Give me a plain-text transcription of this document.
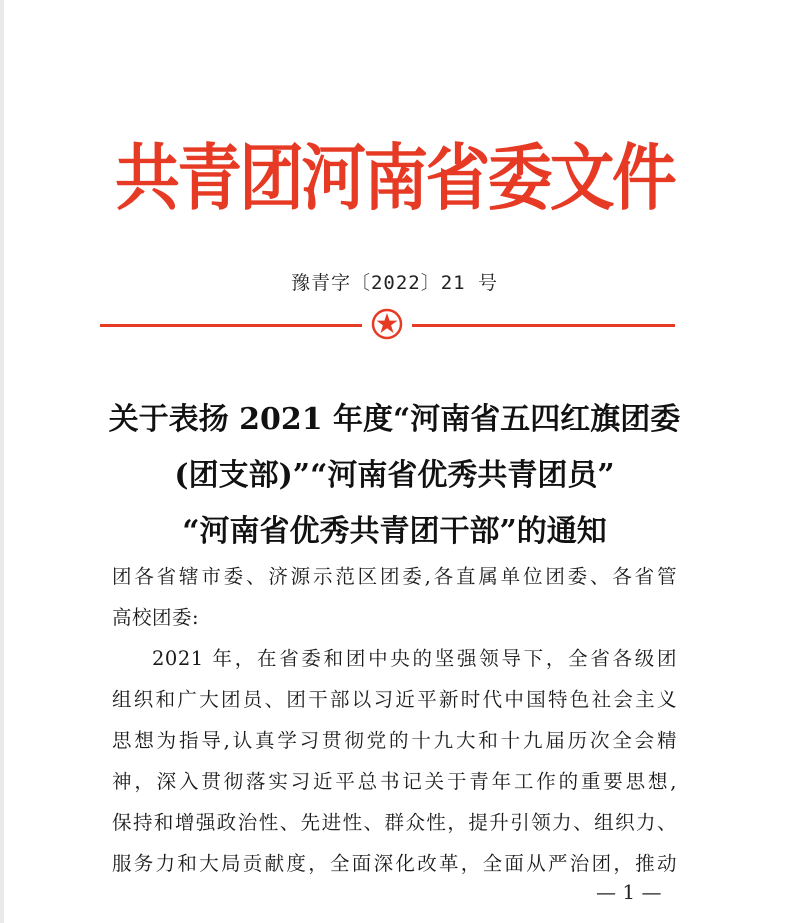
共青团河南省委文件
豫青字〔2022〕21 号
关于表扬 2021 年度“河南省五四红旗团委
(团支部)”“河南省优秀共青团员”
“河南省优秀共青团干部”的通知
团各省辖市委、济源示范区团委,各直属单位团委、各省管
高校团委:
2021 年，在省委和团中央的坚强领导下，全省各级团
组织和广大团员、团干部以习近平新时代中国特色社会主义
思想为指导,认真学习贯彻党的十九大和十九届历次全会精
神，深入贯彻落实习近平总书记关于青年工作的重要思想,
保持和增强政治性、先进性、群众性，提升引领力、组织力、
服务力和大局贡献度，全面深化改革，全面从严治团，推动
— 1 —
